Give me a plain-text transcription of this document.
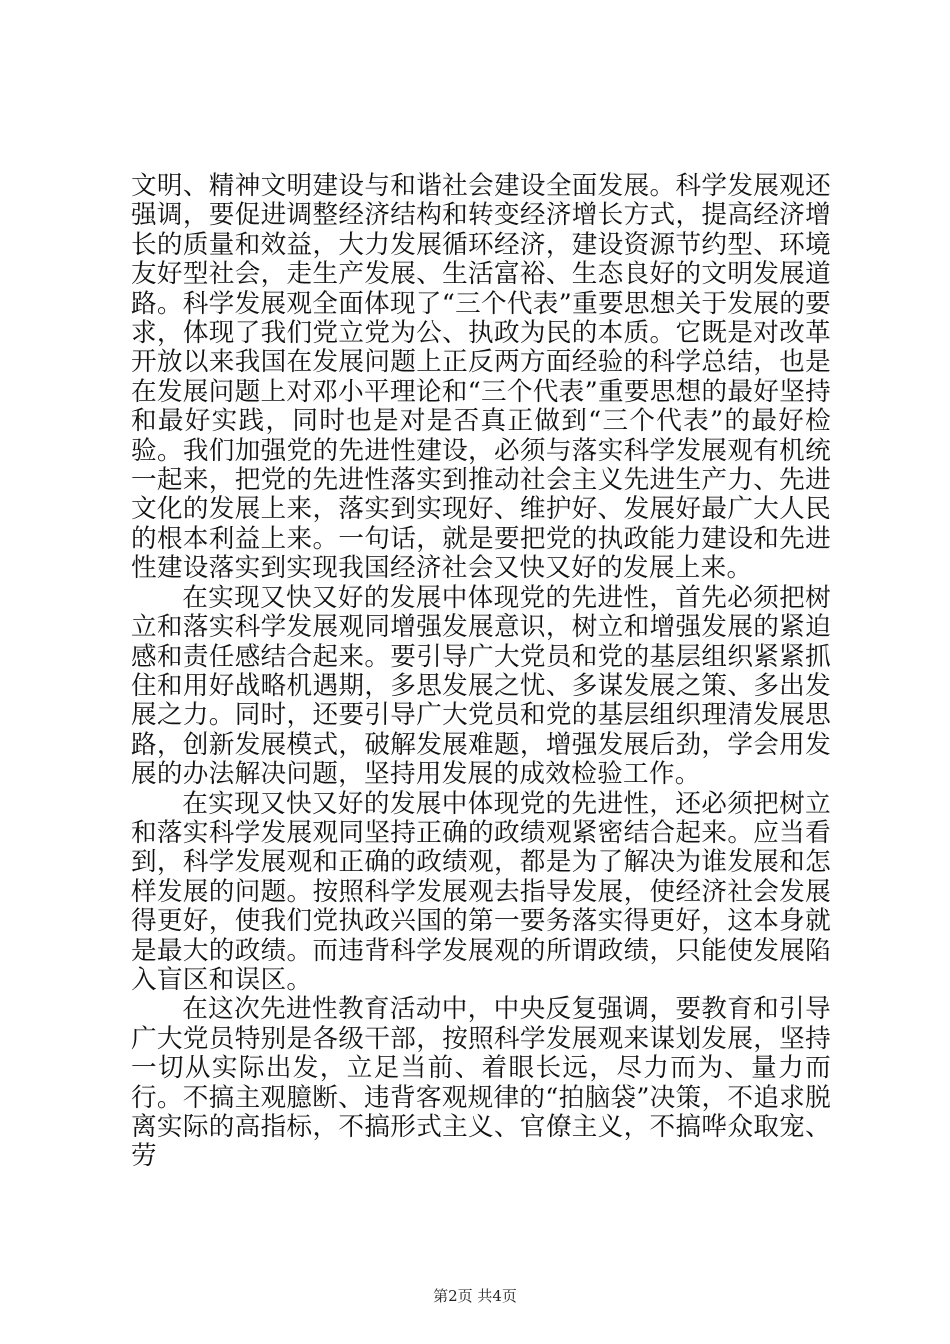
文明、精神文明建设与和谐社会建设全面发展。科学发展观还强调，要促进调整经济结构和转变经济增长方式，提高经济增长的质量和效益，大力发展循环经济，建设资源节约型、环境友好型社会，走生产发展、生活富裕、生态良好的文明发展道路。科学发展观全面体现了“三个代表”重要思想关于发展的要求，体现了我们党立党为公、执政为民的本质。它既是对改革开放以来我国在发展问题上正反两方面经验的科学总结，也是在发展问题上对邓小平理论和“三个代表”重要思想的最好坚持和最好实践，同时也是对是否真正做到“三个代表”的最好检验。我们加强党的先进性建设，必须与落实科学发展观有机统一起来，把党的先进性落实到推动社会主义先进生产力、先进文化的发展上来，落实到实现好、维护好、发展好最广大人民的根本利益上来。一句话，就是要把党的执政能力建设和先进性建设落实到实现我国经济社会又快又好的发展上来。

在实现又快又好的发展中体现党的先进性，首先必须把树立和落实科学发展观同增强发展意识，树立和增强发展的紧迫感和责任感结合起来。要引导广大党员和党的基层组织紧紧抓住和用好战略机遇期，多思发展之忧、多谋发展之策、多出发展之力。同时，还要引导广大党员和党的基层组织理清发展思路，创新发展模式，破解发展难题，增强发展后劲，学会用发展的办法解决问题，坚持用发展的成效检验工作。

在实现又快又好的发展中体现党的先进性，还必须把树立和落实科学发展观同坚持正确的政绩观紧密结合起来。应当看到，科学发展观和正确的政绩观，都是为了解决为谁发展和怎样发展的问题。按照科学发展观去指导发展，使经济社会发展得更好，使我们党执政兴国的第一要务落实得更好，这本身就是最大的政绩。而违背科学发展观的所谓政绩，只能使发展陷入盲区和误区。

在这次先进性教育活动中，中央反复强调，要教育和引导广大党员特别是各级干部，按照科学发展观来谋划发展，坚持一切从实际出发，立足当前、着眼长远，尽力而为、量力而行。不搞主观臆断、违背客观规律的“拍脑袋”决策，不追求脱离实际的高指标，不搞形式主义、官僚主义，不搞哗众取宠、劳

第2页 共4页
